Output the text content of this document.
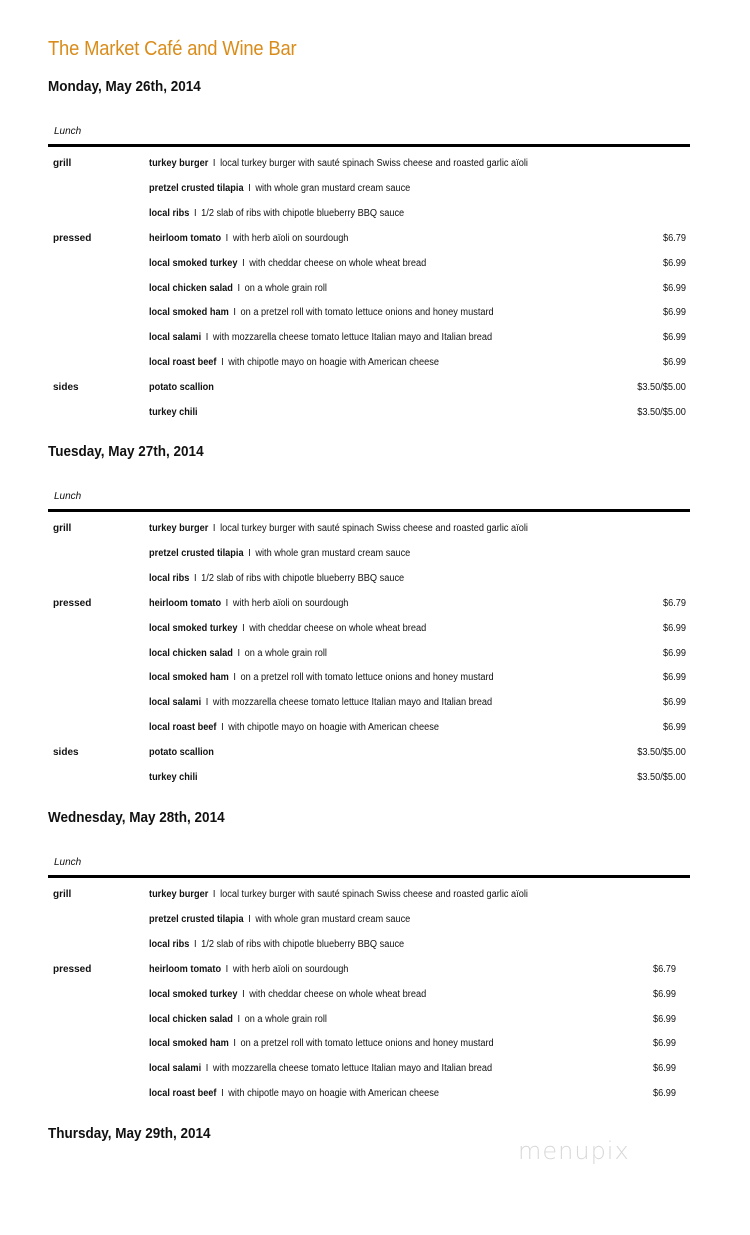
The Market Café and Wine Bar
Monday, May 26th, 2014
Lunch
grill	turkey burger I local turkey burger with sauté spinach Swiss cheese and roasted garlic aïoli
pretzel crusted tilapia I with whole gran mustard cream sauce
local ribs I 1/2 slab of ribs with chipotle blueberry BBQ sauce
pressed	heirloom tomato I with herb aïoli on sourdough	$6.79
local smoked turkey I with cheddar cheese on whole wheat bread	$6.99
local chicken salad I on a whole grain roll	$6.99
local smoked ham I on a pretzel roll with tomato lettuce onions and honey mustard	$6.99
local salami I with mozzarella cheese tomato lettuce Italian mayo and Italian bread	$6.99
local roast beef I with chipotle mayo on hoagie with American cheese	$6.99
sides	potato scallion	$3.50/$5.00
turkey chili	$3.50/$5.00
Tuesday, May 27th, 2014
Lunch
grill	turkey burger I local turkey burger with sauté spinach Swiss cheese and roasted garlic aïoli
pretzel crusted tilapia I with whole gran mustard cream sauce
local ribs I 1/2 slab of ribs with chipotle blueberry BBQ sauce
pressed	heirloom tomato I with herb aïoli on sourdough	$6.79
local smoked turkey I with cheddar cheese on whole wheat bread	$6.99
local chicken salad I on a whole grain roll	$6.99
local smoked ham I on a pretzel roll with tomato lettuce onions and honey mustard	$6.99
local salami I with mozzarella cheese tomato lettuce Italian mayo and Italian bread	$6.99
local roast beef I with chipotle mayo on hoagie with American cheese	$6.99
sides	potato scallion	$3.50/$5.00
turkey chili	$3.50/$5.00
Wednesday, May 28th, 2014
Lunch
grill	turkey burger I local turkey burger with sauté spinach Swiss cheese and roasted garlic aïoli
pretzel crusted tilapia I with whole gran mustard cream sauce
local ribs I 1/2 slab of ribs with chipotle blueberry BBQ sauce
pressed	heirloom tomato I with herb aïoli on sourdough	$6.79
local smoked turkey I with cheddar cheese on whole wheat bread	$6.99
local chicken salad I on a whole grain roll	$6.99
local smoked ham I on a pretzel roll with tomato lettuce onions and honey mustard	$6.99
local salami I with mozzarella cheese tomato lettuce Italian mayo and Italian bread	$6.99
local roast beef I with chipotle mayo on hoagie with American cheese	$6.99
Thursday, May 29th, 2014
menupix
